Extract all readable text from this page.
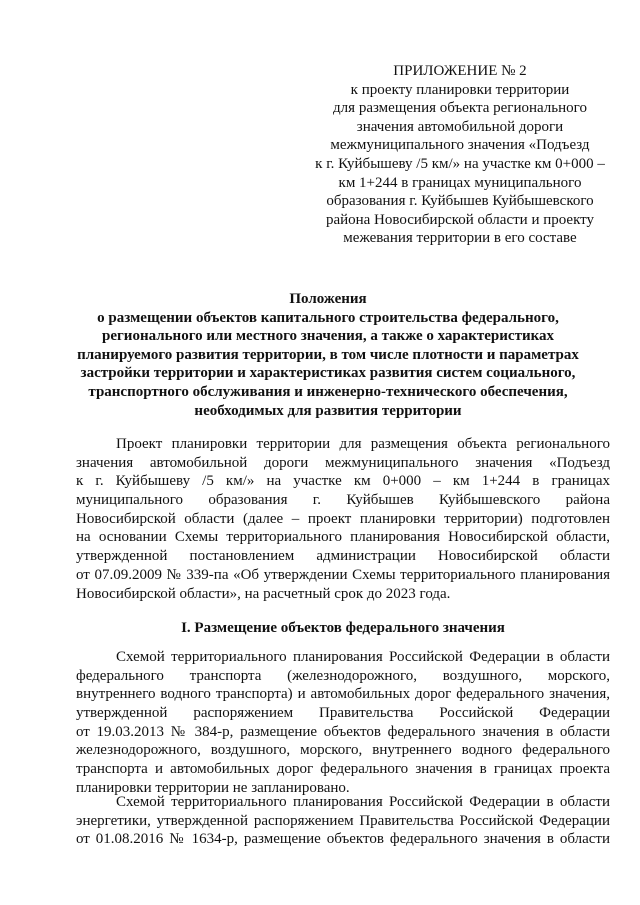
ПРИЛОЖЕНИЕ № 2
к проекту планировки территории
для размещения объекта регионального
значения автомобильной дороги
межмуниципального значения «Подъезд
к г. Куйбышеву /5 км/» на участке км 0+000 –
км 1+244 в границах муниципального
образования г. Куйбышев Куйбышевского
района Новосибирской области и проекту
межевания территории в его составе
Положения
о размещении объектов капитального строительства федерального,
регионального или местного значения, а также о характеристиках
планируемого развития территории, в том числе плотности и параметрах
застройки территории и характеристиках развития систем социального,
транспортного обслуживания и инженерно-технического обеспечения,
необходимых для развития территории
Проект планировки территории для размещения объекта регионального
значения автомобильной дороги межмуниципального значения «Подъезд
к г. Куйбышеву /5 км/» на участке км 0+000 – км 1+244 в границах
муниципального образования г. Куйбышев Куйбышевского района
Новосибирской области (далее – проект планировки территории) подготовлен
на основании Схемы территориального планирования Новосибирской области,
утвержденной постановлением администрации Новосибирской области
от 07.09.2009 № 339-па «Об утверждении Схемы территориального планирования
Новосибирской области», на расчетный срок до 2023 года.
I. Размещение объектов федерального значения
Схемой территориального планирования Российской Федерации в области
федерального транспорта (железнодорожного, воздушного, морского,
внутреннего водного транспорта) и автомобильных дорог федерального значения,
утвержденной распоряжением Правительства Российской Федерации
от 19.03.2013 № 384-р, размещение объектов федерального значения в области
железнодорожного, воздушного, морского, внутреннего водного федерального
транспорта и автомобильных дорог федерального значения в границах проекта
планировки территории не запланировано.
Схемой территориального планирования Российской Федерации в области
энергетики, утвержденной распоряжением Правительства Российской Федерации
от 01.08.2016 № 1634-р, размещение объектов федерального значения в области
